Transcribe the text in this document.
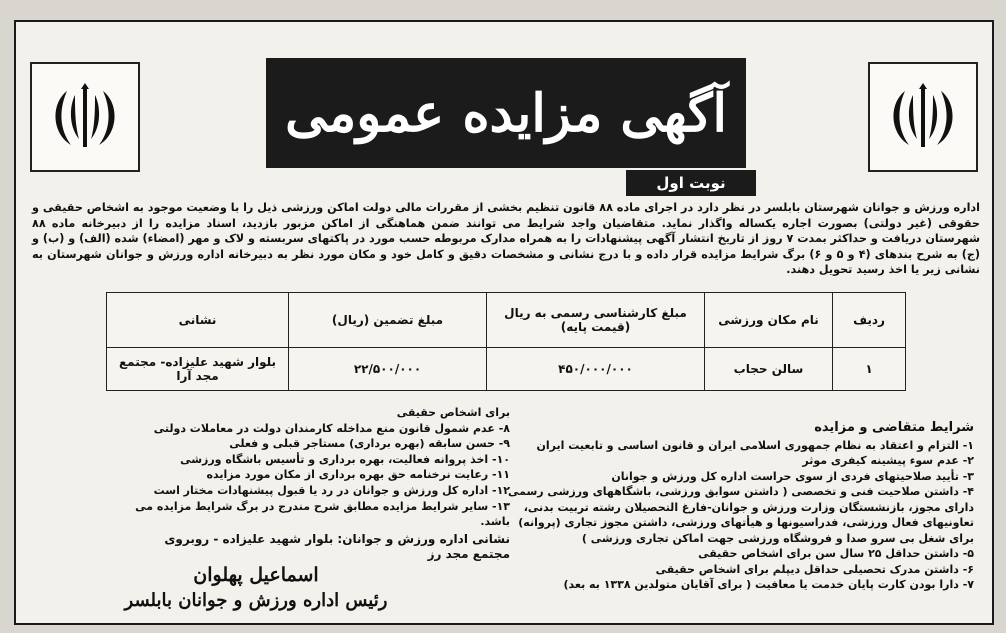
آگهی مزایده عمومی
نوبت اول
اداره ورزش و جوانان شهرستان بابلسر در نظر دارد در اجرای ماده ۸۸ قانون تنظیم بخشی از مقررات مالی دولت اماکن ورزشی ذیل را با وضعیت موجود به اشخاص حقیقی و حقوقی (غیر دولتی) بصورت اجاره یکساله واگذار نماید. متقاضیان واجد شرایط می توانند ضمن هماهنگی از اماکن مزبور بازدید، اسناد مزایده را از دبیرخانه ماده ۸۸ شهرستان دریافت و حداکثر بمدت ۷ روز از تاریخ انتشار آگهی پیشنهادات را به همراه مدارک مربوطه حسب مورد در پاکتهای سربسته و لاک و مهر (امضاء) شده (الف) و (ب) و (ج) به شرح بندهای (۴ و ۵ و ۶) برگ شرایط مزایده قرار داده و با درج نشانی و مشخصات دقیق و کامل خود و مکان مورد نظر به دبیرخانه اداره ورزش و جوانان شهرستان به نشانی زیر یا اخذ رسید تحویل دهند.
ردیف	نام مکان ورزشی	مبلغ کارشناسی رسمی به ریال (قیمت پایه)	مبلغ تضمین (ریال)	نشانی
۱	سالن حجاب	۴۵۰/۰۰۰/۰۰۰	۲۲/۵۰۰/۰۰۰	بلوار شهید علیزاده- مجتمع مجد آرا

شرایط متقاضی و مزایده

۱- التزام و اعتقاد به نظام جمهوری اسلامی ایران و قانون اساسی و تابعیت ایران

۲- عدم سوء پیشینه کیفری موثر

۳- تأیید صلاحیتهای فردی از سوی حراست اداره کل ورزش و جوانان

۴- داشتن صلاحیت فنی و تخصصی ( داشتن سوابق ورزشی، باشگاههای ورزشی رسمی دارای مجوز، بازنشستگان وزارت ورزش و جوانان-فارغ التحصیلان رشته تربیت بدنی، تعاونیهای فعال ورزشی، فدراسیونها و هیأتهای ورزشی، داشتن مجوز تجاری (پروانه) برای شغل بی سرو صدا و فروشگاه ورزشی جهت اماکن تجاری ورزشی )

۵- داشتن حداقل ۲۵ سال سن برای اشخاص حقیقی

۶- داشتن مدرک تحصیلی حداقل دیپلم برای اشخاص حقیقی

۷- دارا بودن کارت پایان خدمت یا معافیت ( برای آقایان متولدین ۱۳۳۸ به بعد)

برای اشخاص حقیقی

۸- عدم شمول قانون منع مداخله کارمندان دولت در معاملات دولتی

۹- حسن سابقه (بهره برداری) مستاجر قبلی و فعلی

۱۰- اخذ پروانه فعالیت، بهره برداری و تأسیس باشگاه ورزشی

۱۱- رعایت نرخنامه حق بهره برداری از مکان مورد مزایده

۱۲- اداره کل ورزش و جوانان در رد یا قبول پیشنهادات مختار است

۱۳- سایر شرایط مزایده مطابق شرح مندرج در برگ شرایط مزایده می باشد.

نشانی اداره ورزش و جوانان: بلوار شهید علیزاده - روبروی مجتمع مجد رز

اسماعیل پهلوان

رئیس اداره ورزش و جوانان بابلسر
